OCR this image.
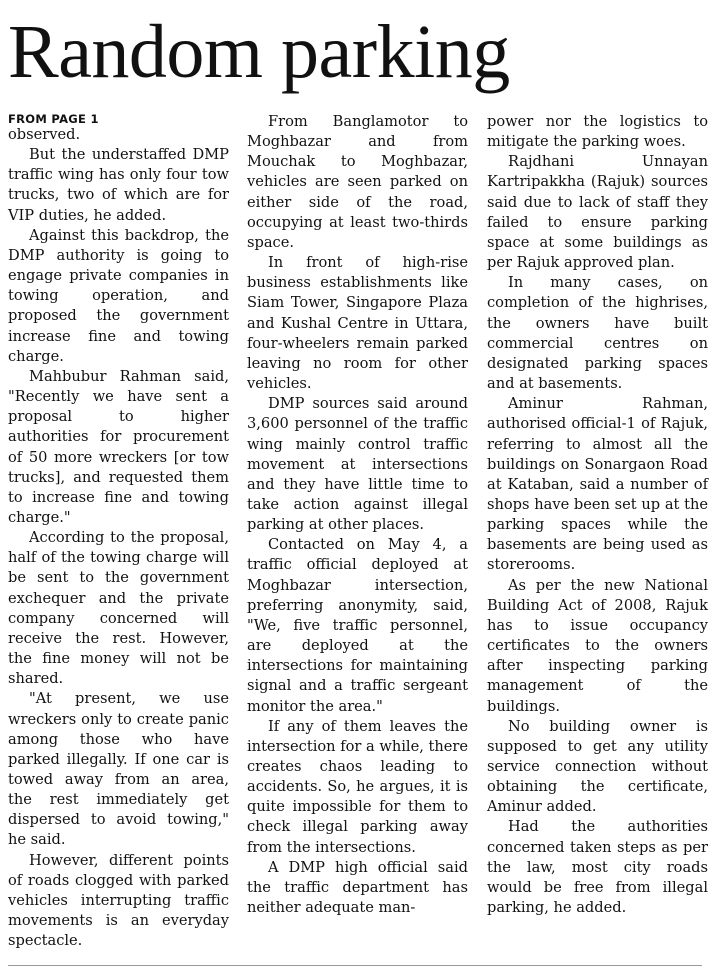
Random parking
FROM PAGE 1

observed.

But the understaffed DMP traffic wing has only four tow trucks, two of which are for VIP duties, he added.

Against this backdrop, the DMP authority is going to engage private companies in towing operation, and proposed the government increase fine and towing charge.

Mahbubur Rahman said, "Recently we have sent a proposal to higher authorities for procurement of 50 more wreckers [or tow trucks], and requested them to increase fine and towing charge."

According to the proposal, half of the towing charge will be sent to the government exchequer and the private company concerned will receive the rest. However, the fine money will not be shared.

"At present, we use wreckers only to create panic among those who have parked illegally. If one car is towed away from an area, the rest immediately get dispersed to avoid towing," he said.

However, different points of roads clogged with parked vehicles interrupting traffic movements is an everyday spectacle.

From Banglamotor to Moghbazar and from Mouchak to Moghbazar, vehicles are seen parked on either side of the road, occupying at least two-thirds space.

In front of high-rise business establishments like Siam Tower, Singapore Plaza and Kushal Centre in Uttara, four-wheelers remain parked leaving no room for other vehicles.

DMP sources said around 3,600 personnel of the traffic wing mainly control traffic movement at intersections and they have little time to take action against illegal parking at other places.

Contacted on May 4, a traffic official deployed at Moghbazar intersection, preferring anonymity, said, "We, five traffic personnel, are deployed at the intersections for maintaining signal and a traffic sergeant monitor the area."

If any of them leaves the intersection for a while, there creates chaos leading to accidents. So, he argues, it is quite impossible for them to check illegal parking away from the intersections.

A DMP high official said the traffic department has neither adequate man-

power nor the logistics to mitigate the parking woes.

Rajdhani Unnayan Kartripakkha (Rajuk) sources said due to lack of staff they failed to ensure parking space at some buildings as per Rajuk approved plan.

In many cases, on completion of the highrises, the owners have built commercial centres on designated parking spaces and at basements.

Aminur Rahman, authorised official-1 of Rajuk, referring to almost all the buildings on Sonargaon Road at Kataban, said a number of shops have been set up at the parking spaces while the basements are being used as storerooms.

As per the new National Building Act of 2008, Rajuk has to issue occupancy certificates to the owners after inspecting parking management of the buildings.

No building owner is supposed to get any utility service connection without obtaining the certificate, Aminur added.

Had the authorities concerned taken steps as per the law, most city roads would be free from illegal parking, he added.
